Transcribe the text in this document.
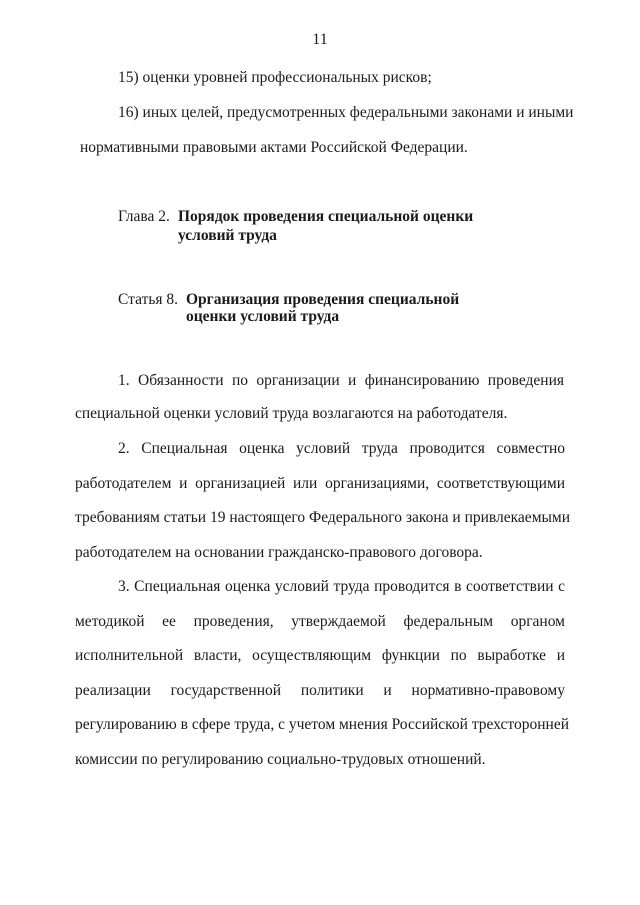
11
15) оценки уровней профессиональных рисков;
16) иных целей, предусмотренных федеральными законами и иными
нормативными правовыми актами Российской Федерации.
Глава 2. Порядок проведения специальной оценки
условий труда
Статья 8. Организация проведения специальной
оценки условий труда
1. Обязанности по организации и финансированию проведения
специальной оценки условий труда возлагаются на работодателя.
2. Специальная оценка условий труда проводится совместно
работодателем и организацией или организациями, соответствующими
требованиям статьи 19 настоящего Федерального закона и привлекаемыми
работодателем на основании гражданско-правового договора.
3. Специальная оценка условий труда проводится в соответствии с
методикой ее проведения, утверждаемой федеральным органом
исполнительной власти, осуществляющим функции по выработке и
реализации государственной политики и нормативно-правовому
регулированию в сфере труда, с учетом мнения Российской трехсторонней
комиссии по регулированию социально-трудовых отношений.
